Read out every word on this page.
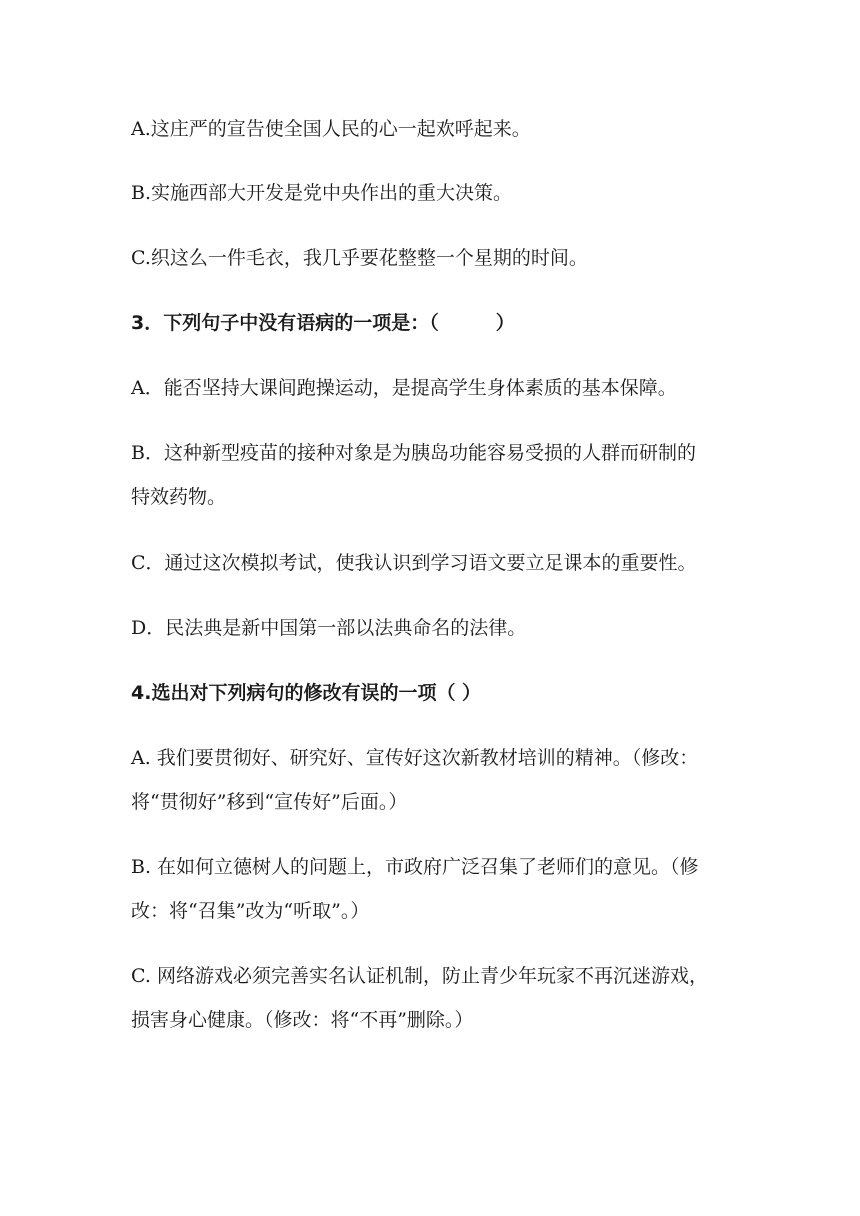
A.这庄严的宣告使全国人民的心一起欢呼起来。
B.实施西部大开发是党中央作出的重大决策。
C.织这么一件毛衣，我几乎要花整整一个星期的时间。
3．下列句子中没有语病的一项是：（　　　）
A．能否坚持大课间跑操运动，是提高学生身体素质的基本保障。
B．这种新型疫苗的接种对象是为胰岛功能容易受损的人群而研制的
特效药物。
C．通过这次模拟考试，使我认识到学习语文要立足课本的重要性。
D．民法典是新中国第一部以法典命名的法律。
4.选出对下列病句的修改有误的一项（ ）
A. 我们要贯彻好、研究好、宣传好这次新教材培训的精神。（修改：
将“贯彻好”移到“宣传好”后面。）
B. 在如何立德树人的问题上，市政府广泛召集了老师们的意见。（修
改：将“召集”改为“听取”。）
C. 网络游戏必须完善实名认证机制，防止青少年玩家不再沉迷游戏，
损害身心健康。（修改：将“不再”删除。）
